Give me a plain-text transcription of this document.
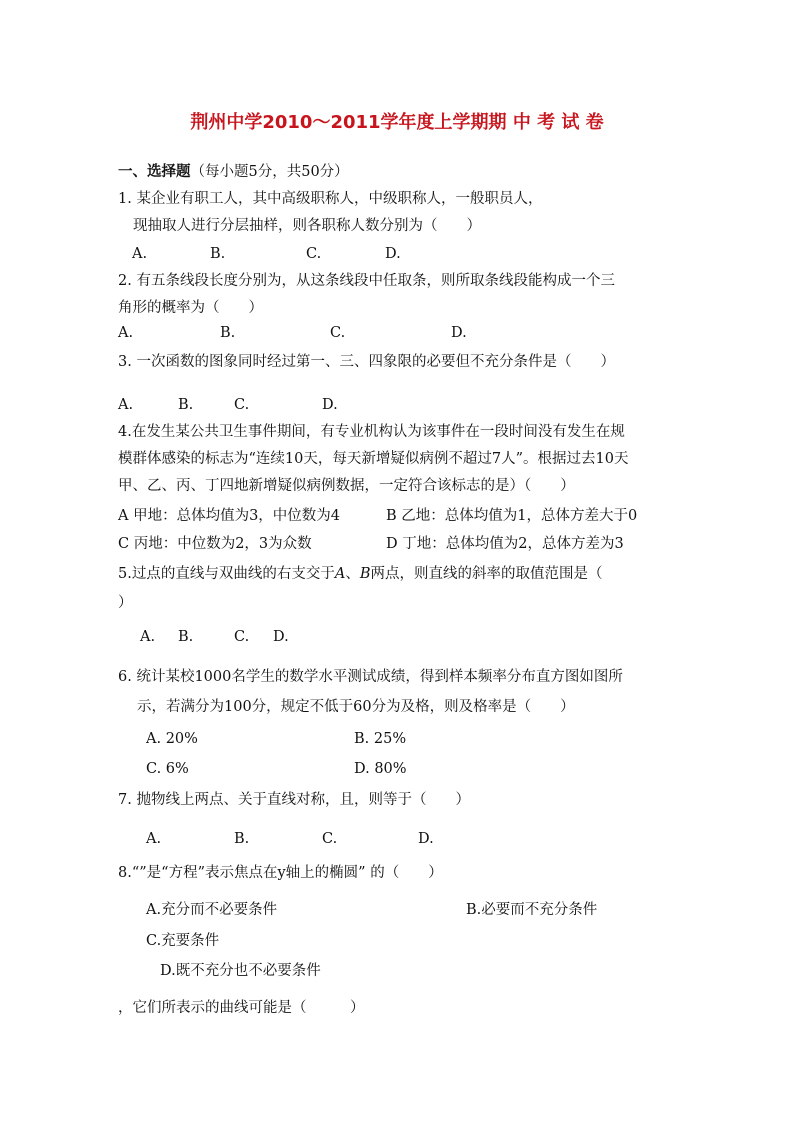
荆州中学2010～2011学年度上学期期 中 考 试 卷
一、选择题（每小题5分，共50分）
1. 某企业有职工人，其中高级职称人，中级职称人，一般职员人，
现抽取人进行分层抽样，则各职称人数分别为（　　）
A.	B.	C.	D.
2. 有五条线段长度分别为，从这条线段中任取条，则所取条线段能构成一个三
角形的概率为（　　）
A.	B.	C.	D.
3. 一次函数的图象同时经过第一、三、四象限的必要但不充分条件是（　　）
A.	B.	C.	D.
4.在发生某公共卫生事件期间，有专业机构认为该事件在一段时间没有发生在规
模群体感染的标志为“连续10天，每天新增疑似病例不超过7人”。根据过去10天
甲、乙、丙、丁四地新增疑似病例数据，一定符合该标志的是）（　　）
A 甲地：总体均值为3，中位数为4	B 乙地：总体均值为1，总体方差大于0
C 丙地：中位数为2，3为众数	D 丁地：总体均值为2，总体方差为3
5.过点的直线与双曲线的右支交于A、B两点，则直线的斜率的取值范围是（
）
A. B.	C. D.
6. 统计某校1000名学生的数学水平测试成绩，得到样本频率分布直方图如图所
示，若满分为100分，规定不低于60分为及格，则及格率是（　　）
A. 20%	B. 25%
C. 6%	D. 80%
7. 抛物线上两点、关于直线对称，且，则等于（　　）
A.	B.	C.	D.
8.“”是“方程”表示焦点在y轴上的椭圆” 的（　　）
A.充分而不必要条件	B.必要而不充分条件
C.充要条件
D.既不充分也不必要条件
，它们所表示的曲线可能是（　　　）
